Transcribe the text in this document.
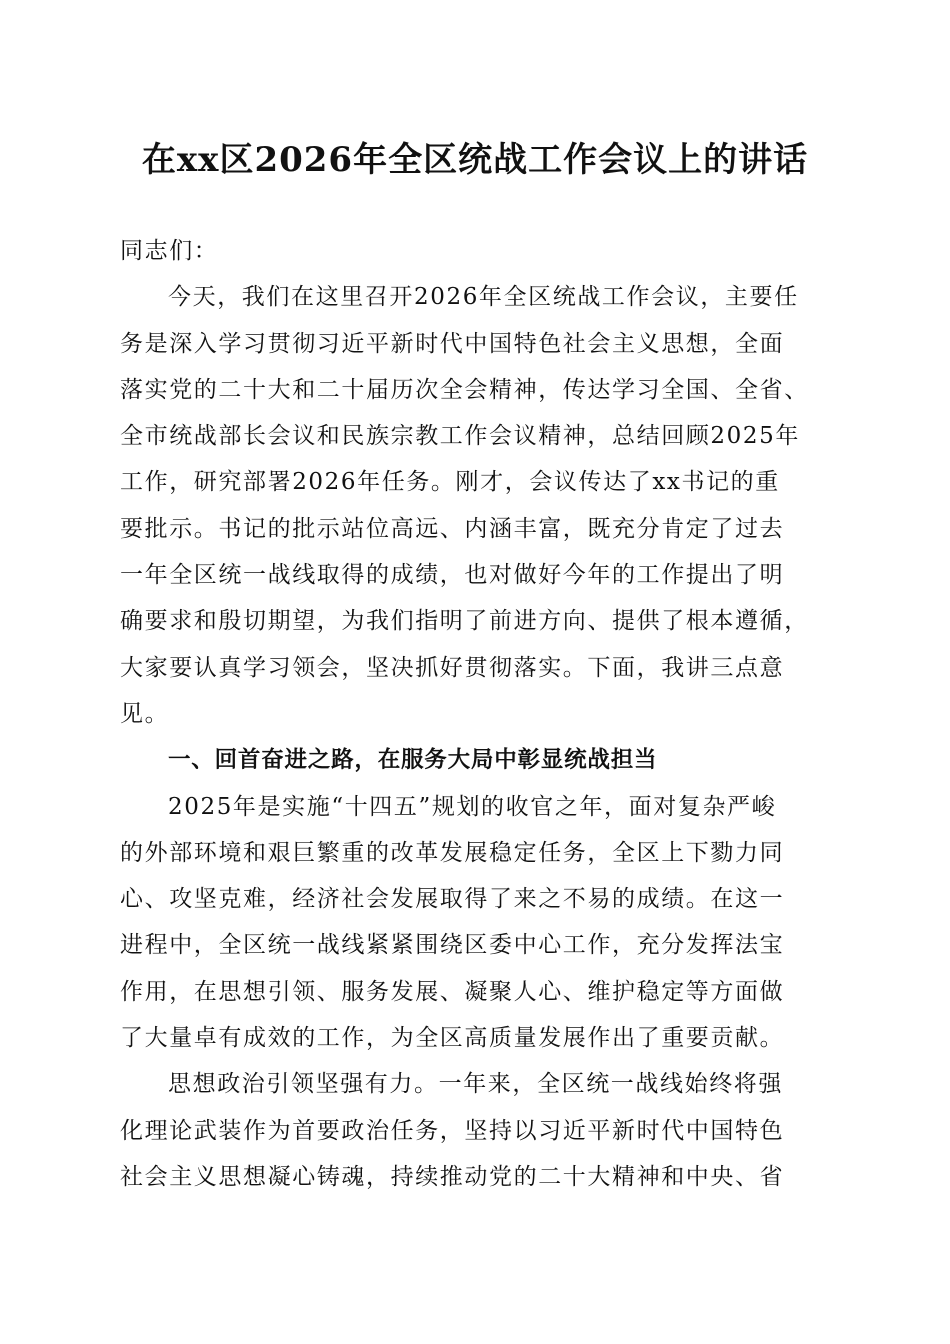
在xx区2026年全区统战工作会议上的讲话
同志们：
今天，我们在这里召开2026年全区统战工作会议，主要任
务是深入学习贯彻习近平新时代中国特色社会主义思想，全面
落实党的二十大和二十届历次全会精神，传达学习全国、全省、
全市统战部长会议和民族宗教工作会议精神，总结回顾2025年
工作，研究部署2026年任务。刚才，会议传达了xx书记的重
要批示。书记的批示站位高远、内涵丰富，既充分肯定了过去
一年全区统一战线取得的成绩，也对做好今年的工作提出了明
确要求和殷切期望，为我们指明了前进方向、提供了根本遵循，
大家要认真学习领会，坚决抓好贯彻落实。下面，我讲三点意
见。
一、回首奋进之路，在服务大局中彰显统战担当
2025年是实施“十四五”规划的收官之年，面对复杂严峻
的外部环境和艰巨繁重的改革发展稳定任务，全区上下勠力同
心、攻坚克难，经济社会发展取得了来之不易的成绩。在这一
进程中，全区统一战线紧紧围绕区委中心工作，充分发挥法宝
作用，在思想引领、服务发展、凝聚人心、维护稳定等方面做
了大量卓有成效的工作，为全区高质量发展作出了重要贡献。
思想政治引领坚强有力。一年来，全区统一战线始终将强
化理论武装作为首要政治任务，坚持以习近平新时代中国特色
社会主义思想凝心铸魂，持续推动党的二十大精神和中央、省
